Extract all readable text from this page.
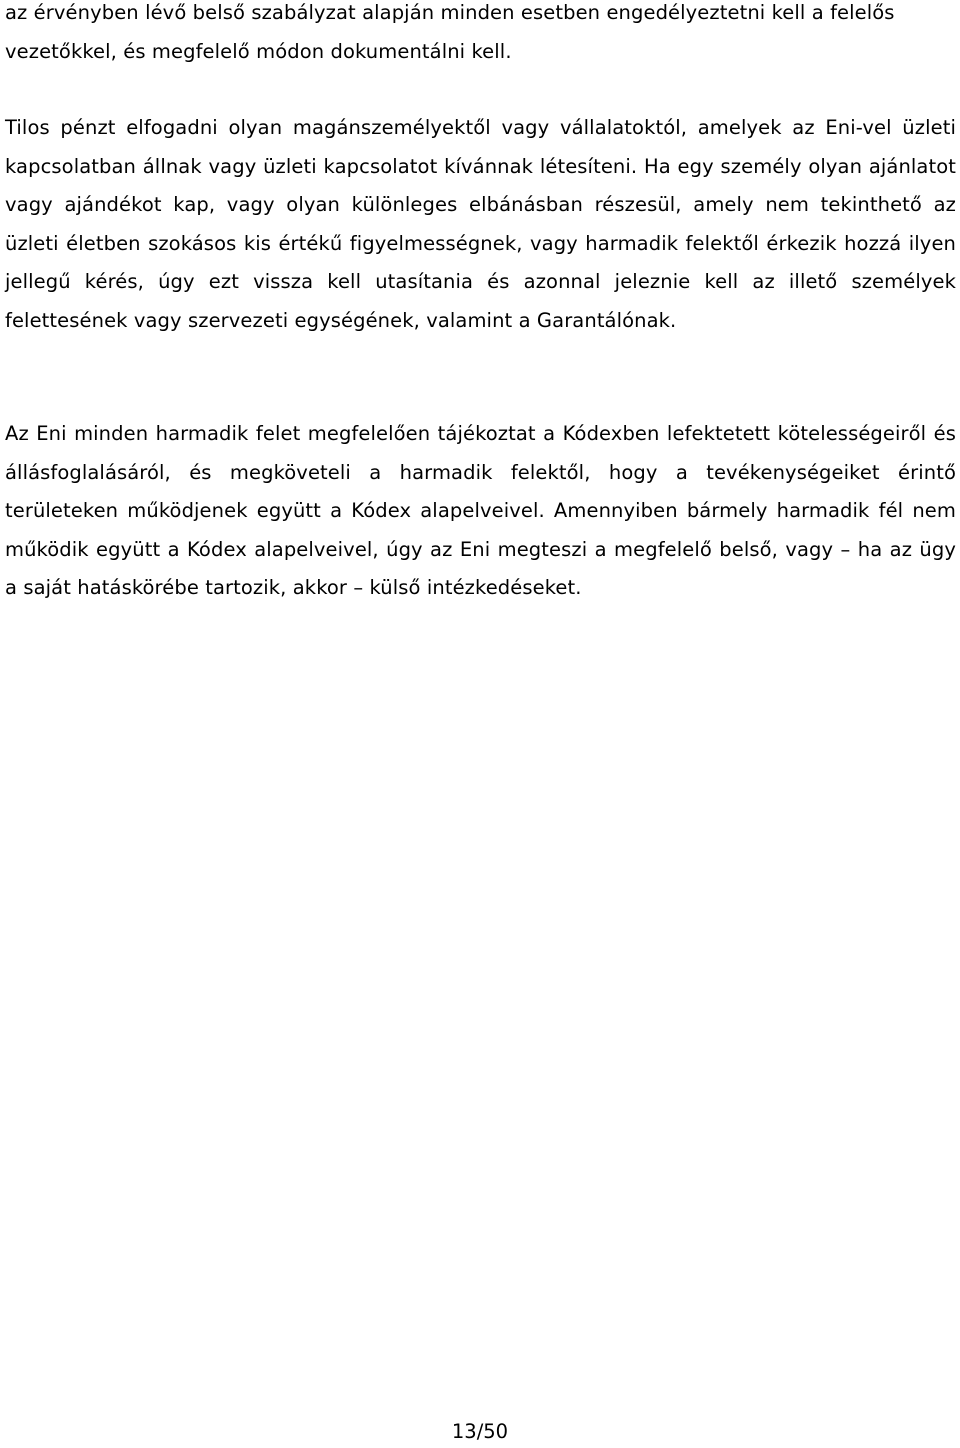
az érvényben lévő belső szabályzat alapján minden esetben engedélyeztetni kell a felelős vezetőkkel, és megfelelő módon dokumentálni kell.

Tilos pénzt elfogadni olyan magánszemélyektől vagy vállalatoktól, amelyek az Eni-vel üzleti kapcsolatban állnak vagy üzleti kapcsolatot kívánnak létesíteni. Ha egy személy olyan ajánlatot vagy ajándékot kap, vagy olyan különleges elbánásban részesül, amely nem tekinthető az üzleti életben szokásos kis értékű figyelmességnek, vagy harmadik felektől érkezik hozzá ilyen jellegű kérés, úgy ezt vissza kell utasítania és azonnal jeleznie kell az illető személyek felettesének vagy szervezeti egységének, valamint a Garantálónak.

Az Eni minden harmadik felet megfelelően tájékoztat a Kódexben lefektetett kötelességeiről és állásfoglalásáról, és megköveteli a harmadik felektől, hogy a tevékenységeiket érintő területeken működjenek együtt a Kódex alapelveivel. Amennyiben bármely harmadik fél nem működik együtt a Kódex alapelveivel, úgy az Eni megteszi a megfelelő belső, vagy – ha az ügy a saját hatáskörébe tartozik, akkor – külső intézkedéseket.

13/50
